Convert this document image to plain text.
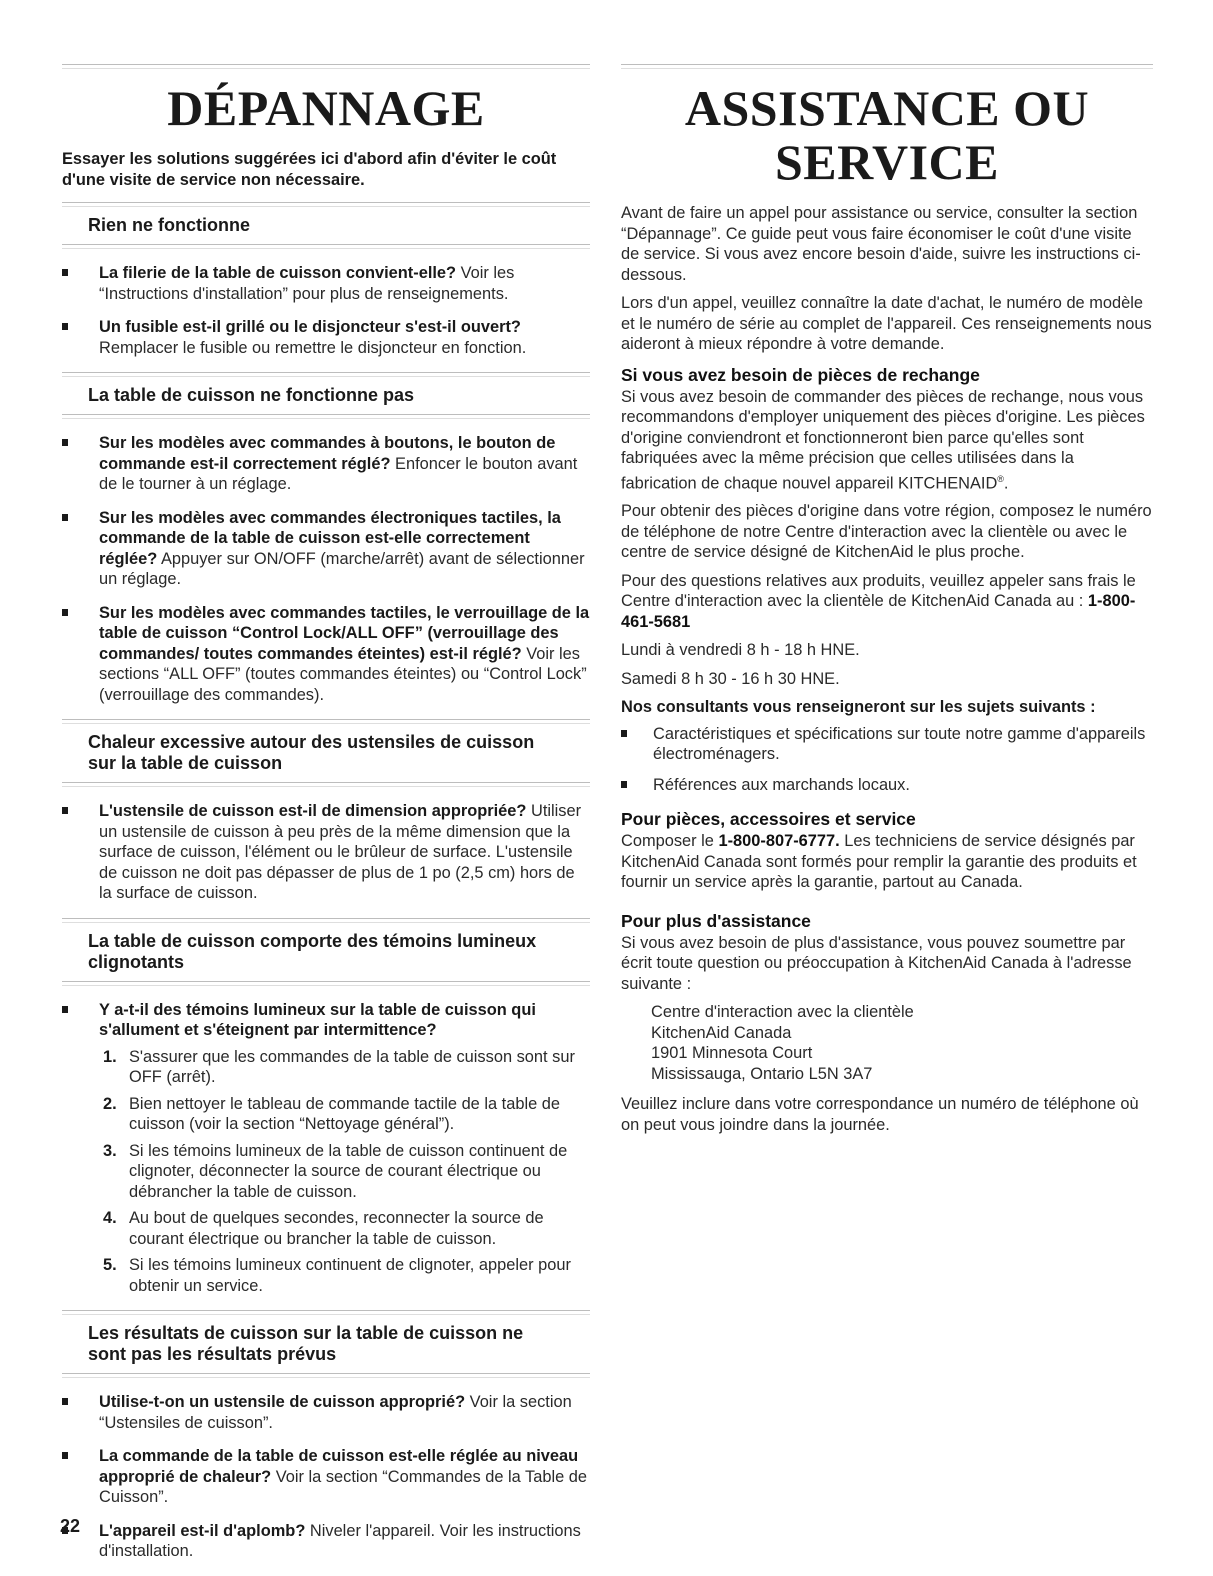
DÉPANNAGE

Essayer les solutions suggérées ici d'abord afin d'éviter le coût d'une visite de service non nécessaire.

Rien ne fonctionne
La filerie de la table de cuisson convient-elle? Voir les “Instructions d'installation” pour plus de renseignements.
Un fusible est-il grillé ou le disjoncteur s'est-il ouvert? Remplacer le fusible ou remettre le disjoncteur en fonction.
La table de cuisson ne fonctionne pas
Sur les modèles avec commandes à boutons, le bouton de commande est-il correctement réglé? Enfoncer le bouton avant de le tourner à un réglage.
Sur les modèles avec commandes électroniques tactiles, la commande de la table de cuisson est-elle correctement réglée? Appuyer sur ON/OFF (marche/arrêt) avant de sélectionner un réglage.
Sur les modèles avec commandes tactiles, le verrouillage de la table de cuisson “Control Lock/ALL OFF” (verrouillage des commandes/ toutes commandes éteintes) est-il réglé? Voir les sections “ALL OFF” (toutes commandes éteintes) ou “Control Lock” (verrouillage des commandes).
Chaleur excessive autour des ustensiles de cuisson sur la table de cuisson
L'ustensile de cuisson est-il de dimension appropriée? Utiliser un ustensile de cuisson à peu près de la même dimension que la surface de cuisson, l'élément ou le brûleur de surface. L'ustensile de cuisson ne doit pas dépasser de plus de 1 po (2,5 cm) hors de la surface de cuisson.
La table de cuisson comporte des témoins lumineux clignotants
Y a-t-il des témoins lumineux sur la table de cuisson qui s'allument et s'éteignent par intermittence?
1. S'assurer que les commandes de la table de cuisson sont sur OFF (arrêt).
2. Bien nettoyer le tableau de commande tactile de la table de cuisson (voir la section “Nettoyage général”).
3. Si les témoins lumineux de la table de cuisson continuent de clignoter, déconnecter la source de courant électrique ou débrancher la table de cuisson.
4. Au bout de quelques secondes, reconnecter la source de courant électrique ou brancher la table de cuisson.
5. Si les témoins lumineux continuent de clignoter, appeler pour obtenir un service.
Les résultats de cuisson sur la table de cuisson ne sont pas les résultats prévus
Utilise-t-on un ustensile de cuisson approprié? Voir la section “Ustensiles de cuisson”.
La commande de la table de cuisson est-elle réglée au niveau approprié de chaleur? Voir la section “Commandes de la Table de Cuisson”.
L'appareil est-il d'aplomb? Niveler l'appareil. Voir les instructions d'installation.
ASSISTANCE OU
SERVICE

Avant de faire un appel pour assistance ou service, consulter la section “Dépannage”. Ce guide peut vous faire économiser le coût d'une visite de service. Si vous avez encore besoin d'aide, suivre les instructions ci-dessous.

Lors d'un appel, veuillez connaître la date d'achat, le numéro de modèle et le numéro de série au complet de l'appareil. Ces renseignements nous aideront à mieux répondre à votre demande.

Si vous avez besoin de pièces de rechange

Si vous avez besoin de commander des pièces de rechange, nous vous recommandons d'employer uniquement des pièces d'origine. Les pièces d'origine conviendront et fonctionneront bien parce qu'elles sont fabriquées avec la même précision que celles utilisées dans la fabrication de chaque nouvel appareil KITCHENAID®.

Pour obtenir des pièces d'origine dans votre région, composez le numéro de téléphone de notre Centre d'interaction avec la clientèle ou avec le centre de service désigné de KitchenAid le plus proche.

Pour des questions relatives aux produits, veuillez appeler sans frais le Centre d'interaction avec la clientèle de KitchenAid Canada au : 1-800-461-5681

Lundi à vendredi 8 h - 18 h HNE.

Samedi 8 h 30 - 16 h 30 HNE.

Nos consultants vous renseigneront sur les sujets suivants :

Caractéristiques et spécifications sur toute notre gamme d'appareils électroménagers.
Références aux marchands locaux.
Pour pièces, accessoires et service

Composer le 1-800-807-6777. Les techniciens de service désignés par KitchenAid Canada sont formés pour remplir la garantie des produits et fournir un service après la garantie, partout au Canada.

Pour plus d'assistance

Si vous avez besoin de plus d'assistance, vous pouvez soumettre par écrit toute question ou préoccupation à KitchenAid Canada à l'adresse suivante :

Centre d'interaction avec la clientèle
KitchenAid Canada
1901 Minnesota Court
Mississauga, Ontario L5N 3A7

Veuillez inclure dans votre correspondance un numéro de téléphone où on peut vous joindre dans la journée.

22
